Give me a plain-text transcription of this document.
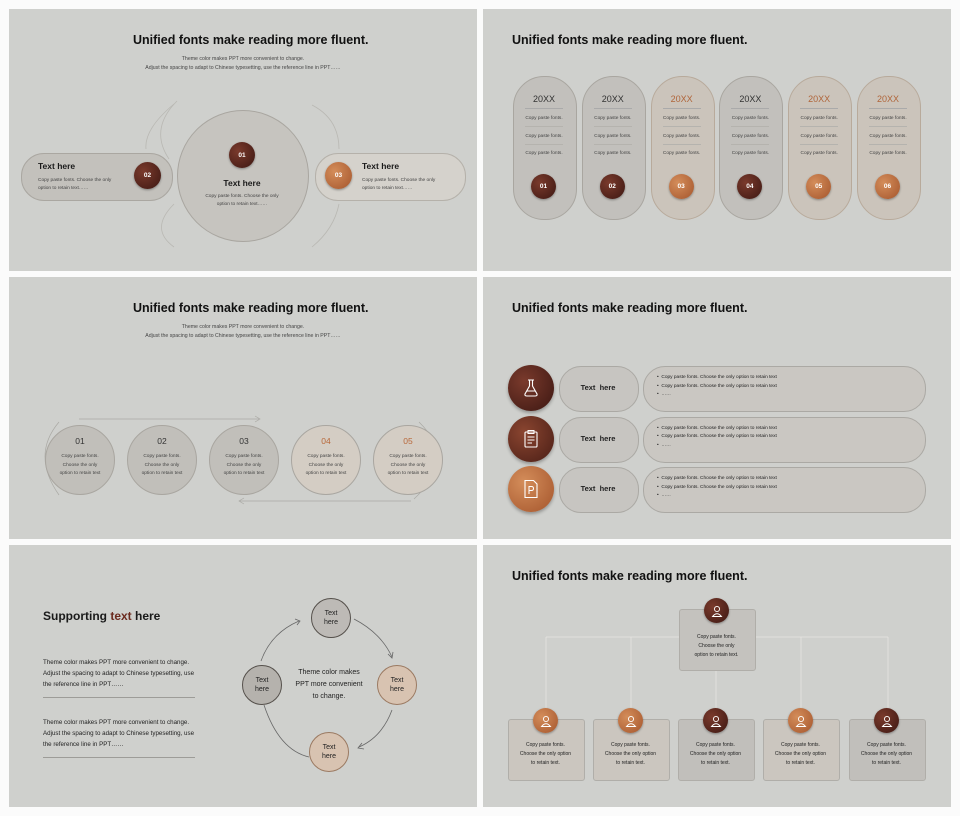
Unified fonts make reading more fluent.
Theme color makes PPT more convenient to change.
Adjust the spacing to adapt to Chinese typesetting, use the reference line in PPT……
Text here
Copy paste fonts. Choose the only
option to retain text……
02	03
Text here
Copy paste fonts. Choose the only
option to retain text……
01
Text here
Copy paste fonts. Choose the only
option to retain text……
Unified fonts make reading more fluent.
20XX
Copy paste fonts.
Copy paste fonts.
Copy paste fonts.
01
20XX
Copy paste fonts.
Copy paste fonts.
Copy paste fonts.
02
20XX
Copy paste fonts.
Copy paste fonts.
Copy paste fonts.
03
20XX
Copy paste fonts.
Copy paste fonts.
Copy paste fonts.
04
20XX
Copy paste fonts.
Copy paste fonts.
Copy paste fonts.
05
20XX
Copy paste fonts.
Copy paste fonts.
Copy paste fonts.
06
Unified fonts make reading more fluent.
Theme color makes PPT more convenient to change.
Adjust the spacing to adapt to Chinese typesetting, use the reference line in PPT……
01
Copy paste fonts.
Choose the only
option to retain text
02
Copy paste fonts.
Choose the only
option to retain text
03
Copy paste fonts.
Choose the only
option to retain text
04
Copy paste fonts.
Choose the only
option to retain text
05
Copy paste fonts.
Choose the only
option to retain text
Unified fonts make reading more fluent.
Text  here
•  Copy paste fonts. Choose the only option to retain text
•  Copy paste fonts. Choose the only option to retain text
•  ……
Text  here
•  Copy paste fonts. Choose the only option to retain text
•  Copy paste fonts. Choose the only option to retain text
•  ……
Text  here
•  Copy paste fonts. Choose the only option to retain text
•  Copy paste fonts. Choose the only option to retain text
•  ……
Supporting text here
Theme color makes PPT more convenient to change.
Adjust the spacing to adapt to Chinese typesetting, use
the reference line in PPT……
Theme color makes PPT more convenient to change.
Adjust the spacing to adapt to Chinese typesetting, use
the reference line in PPT……
Theme color makes
PPT more convenient
to change.
Text
here
Text
here
Text
here
Text
here
Unified fonts make reading more fluent.
Copy paste fonts.
Choose the only
option to retain text.
Copy paste fonts.
Choose the only option
to retain text.
Copy paste fonts.
Choose the only option
to retain text.
Copy paste fonts.
Choose the only option
to retain text.
Copy paste fonts.
Choose the only option
to retain text.
Copy paste fonts.
Choose the only option
to retain text.
